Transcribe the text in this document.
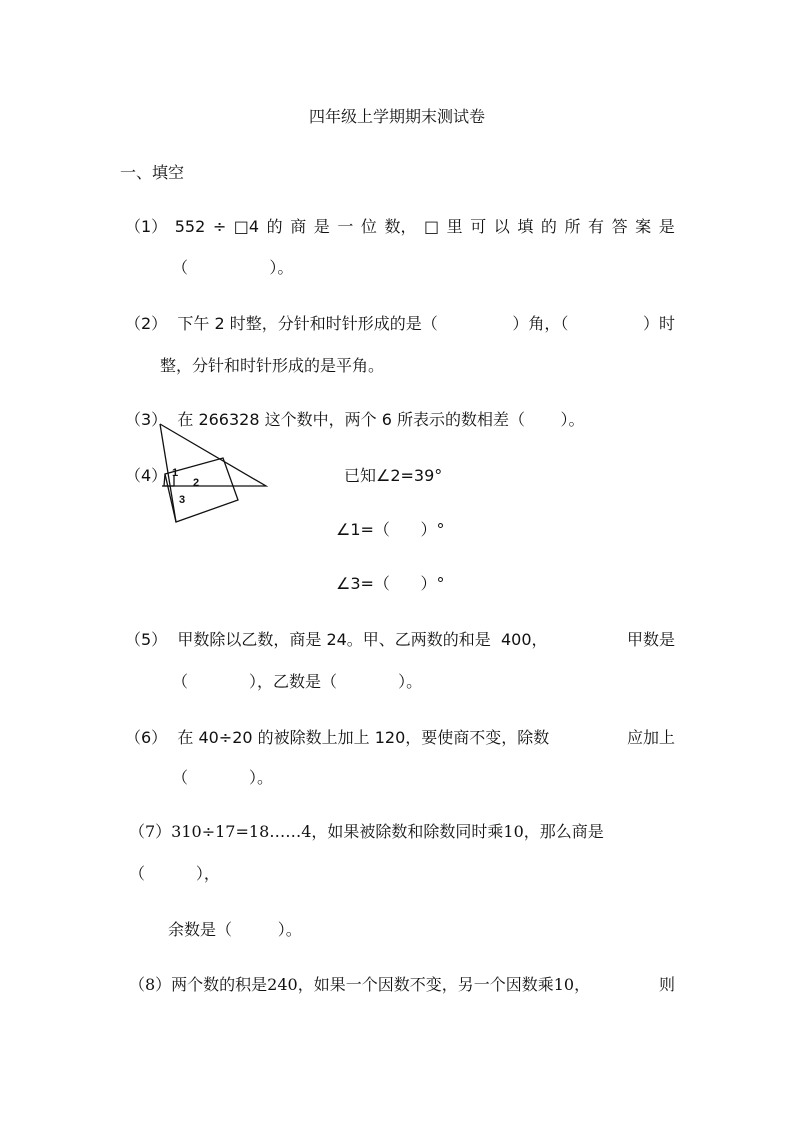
四年级上学期期末测试卷
一、填空
（1） 552 ÷ □4 的 商 是 一 位 数， □ 里 可 以 填 的 所 有 答 案 是
（                ）。
（2）  下午 2 时整，分针和时针形成的是（	）角，（	）时
整，分针和时针形成的是平角。
（3）  在 266328 这个数中，两个 6 所表示的数相差（       ）。
（4） 1
2
3
已知∠2=39°
∠1=（      ）°
∠3=（      ）°
（5）  甲数除以乙数，商是 24。甲、乙两数的和是  400，	甲数是
（            ），乙数是（            ）。
（6）  在 40÷20 的被除数上加上 120，要使商不变，除数	应加上
（            ）。
（7）310÷17=18……4，如果被除数和除数同时乘10，那么商是
（          ），
余数是（         ）。
（8）两个数的积是240，如果一个因数不变，另一个因数乘10，	则
